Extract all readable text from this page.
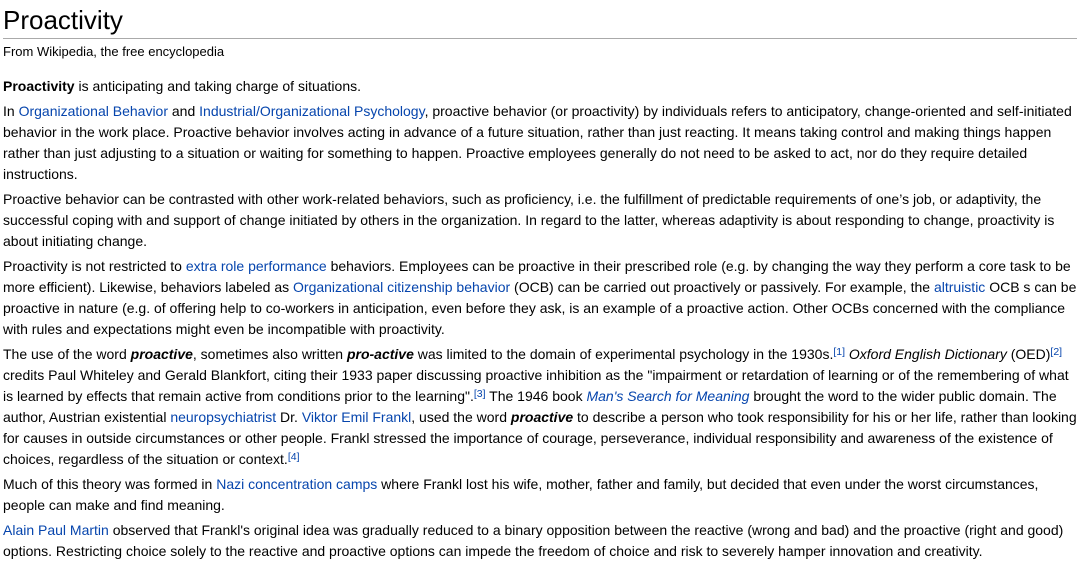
Proactivity
From Wikipedia, the free encyclopedia

Proactivity is anticipating and taking charge of situations.

In Organizational Behavior and Industrial/Organizational Psychology, proactive behavior (or proactivity) by individuals refers to anticipatory, change-oriented and self-initiated behavior in the work place. Proactive behavior involves acting in advance of a future situation, rather than just reacting. It means taking control and making things happen rather than just adjusting to a situation or waiting for something to happen. Proactive employees generally do not need to be asked to act, nor do they require detailed instructions.

Proactive behavior can be contrasted with other work-related behaviors, such as proficiency, i.e. the fulfillment of predictable requirements of one’s job, or adaptivity, the successful coping with and support of change initiated by others in the organization. In regard to the latter, whereas adaptivity is about responding to change, proactivity is about initiating change.

Proactivity is not restricted to extra role performance behaviors. Employees can be proactive in their prescribed role (e.g. by changing the way they perform a core task to be more efficient). Likewise, behaviors labeled as Organizational citizenship behavior (OCB) can be carried out proactively or passively. For example, the altruistic OCB s can be proactive in nature (e.g. of offering help to co-workers in anticipation, even before they ask, is an example of a proactive action. Other OCBs concerned with the compliance with rules and expectations might even be incompatible with proactivity.

The use of the word proactive, sometimes also written pro-active was limited to the domain of experimental psychology in the 1930s.[1] Oxford English Dictionary (OED)[2] credits Paul Whiteley and Gerald Blankfort, citing their 1933 paper discussing proactive inhibition as the "impairment or retardation of learning or of the remembering of what is learned by effects that remain active from conditions prior to the learning".[3] The 1946 book Man's Search for Meaning brought the word to the wider public domain. The author, Austrian existential neuropsychiatrist Dr. Viktor Emil Frankl, used the word proactive to describe a person who took responsibility for his or her life, rather than looking for causes in outside circumstances or other people. Frankl stressed the importance of courage, perseverance, individual responsibility and awareness of the existence of choices, regardless of the situation or context.[4]

Much of this theory was formed in Nazi concentration camps where Frankl lost his wife, mother, father and family, but decided that even under the worst circumstances, people can make and find meaning.

Alain Paul Martin observed that Frankl's original idea was gradually reduced to a binary opposition between the reactive (wrong and bad) and the proactive (right and good) options. Restricting choice solely to the reactive and proactive options can impede the freedom of choice and risk to severely hamper innovation and creativity.
